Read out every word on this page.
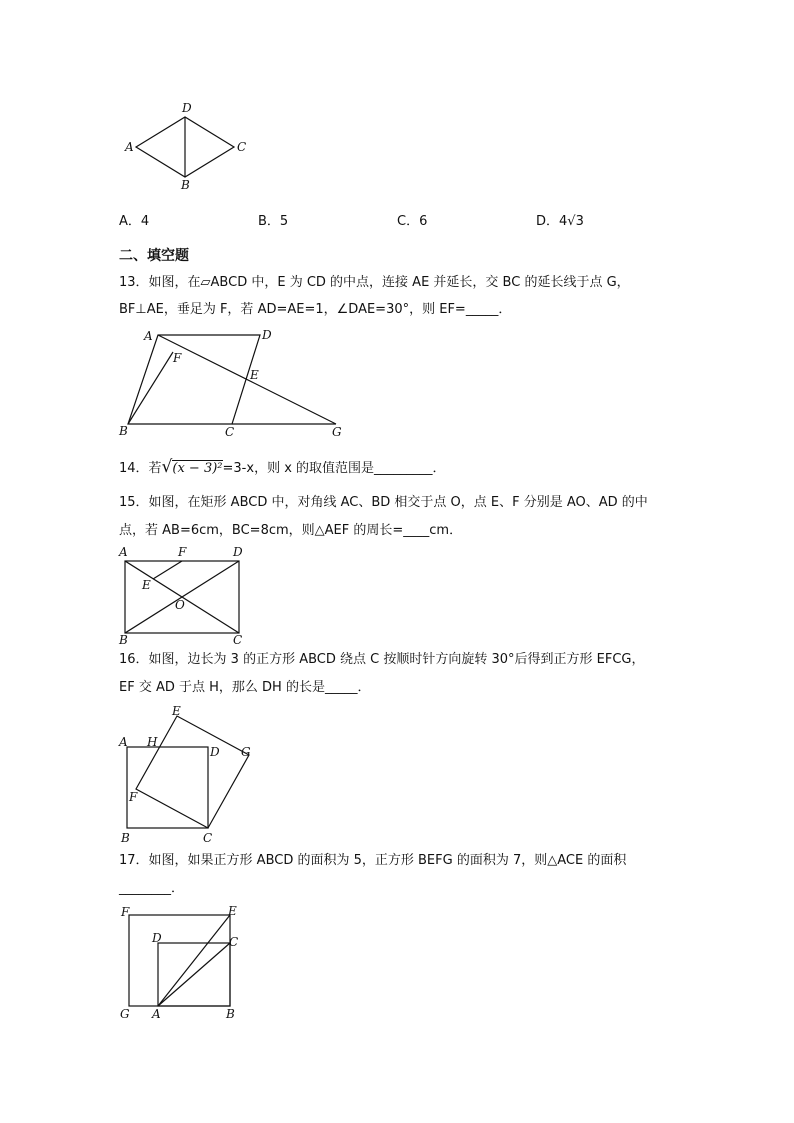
D
A	C
B
A．4	B．5	C．6	D．4√3
二、填空题
13．如图，在▱ABCD 中，E 为 CD 的中点，连接 AE 并延长，交 BC 的延长线于点 G，
BF⊥AE，垂足为 F，若 AD=AE=1，∠DAE=30°，则 EF=_____．
A	D
F
E
B	C	G
14．若√(x − 3)²=3-x，则 x 的取值范围是_________．
15．如图，在矩形 ABCD 中，对角线 AC、BD 相交于点 O，点 E、F 分别是 AO、AD 的中
点，若 AB=6cm，BC=8cm，则△AEF 的周长=____cm．
A	F	D
E
O
B	C
16．如图，边长为 3 的正方形 ABCD 绕点 C 按顺时针方向旋转 30°后得到正方形 EFCG，
EF 交 AD 于点 H，那么 DH 的长是_____．
A H
E
D G
F
B	C
17．如图，如果正方形 ABCD 的面积为 5，正方形 BEFG 的面积为 7，则△ACE 的面积
________．
F	E
D	C
G A	B
